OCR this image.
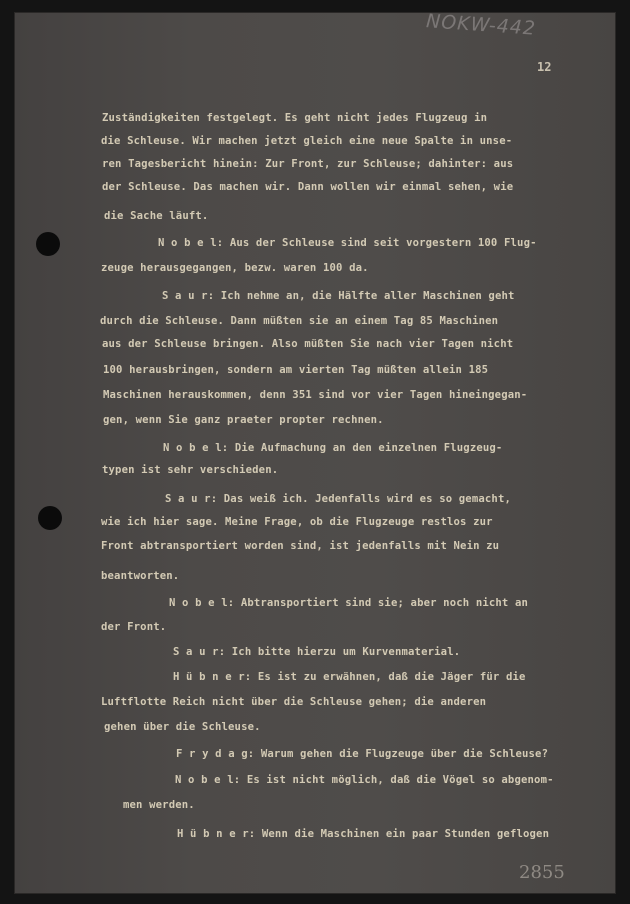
NOKW-442
12
2855
Zuständigkeiten festgelegt. Es geht nicht jedes Flugzeug in
die Schleuse. Wir machen jetzt gleich eine neue Spalte in unse-
ren Tagesbericht hinein: Zur Front, zur Schleuse; dahinter: aus
der Schleuse. Das machen wir. Dann wollen wir einmal sehen, wie
die Sache läuft.
N o b e l: Aus der Schleuse sind seit vorgestern 100 Flug-
zeuge herausgegangen, bezw. waren 100 da.
S a u r: Ich nehme an, die Hälfte aller Maschinen geht
durch die Schleuse. Dann müßten sie an einem Tag 85 Maschinen
aus der Schleuse bringen. Also müßten Sie nach vier Tagen nicht
100 herausbringen, sondern am vierten Tag müßten allein 185
Maschinen herauskommen, denn 351 sind vor vier Tagen hineingegan-
gen, wenn Sie ganz praeter propter rechnen.
N o b e l: Die Aufmachung an den einzelnen Flugzeug-
typen ist sehr verschieden.
S a u r: Das weiß ich. Jedenfalls wird es so gemacht,
wie ich hier sage. Meine Frage, ob die Flugzeuge restlos zur
Front abtransportiert worden sind, ist jedenfalls mit Nein zu
beantworten.
N o b e l: Abtransportiert sind sie; aber noch nicht an
der Front.
S a u r: Ich bitte hierzu um Kurvenmaterial.
H ü b n e r: Es ist zu erwähnen, daß die Jäger für die
Luftflotte Reich nicht über die Schleuse gehen; die anderen
gehen über die Schleuse.
F r y d a g: Warum gehen die Flugzeuge über die Schleuse?
N o b e l: Es ist nicht möglich, daß die Vögel so abgenom-
men werden.
H ü b n e r: Wenn die Maschinen ein paar Stunden geflogen
